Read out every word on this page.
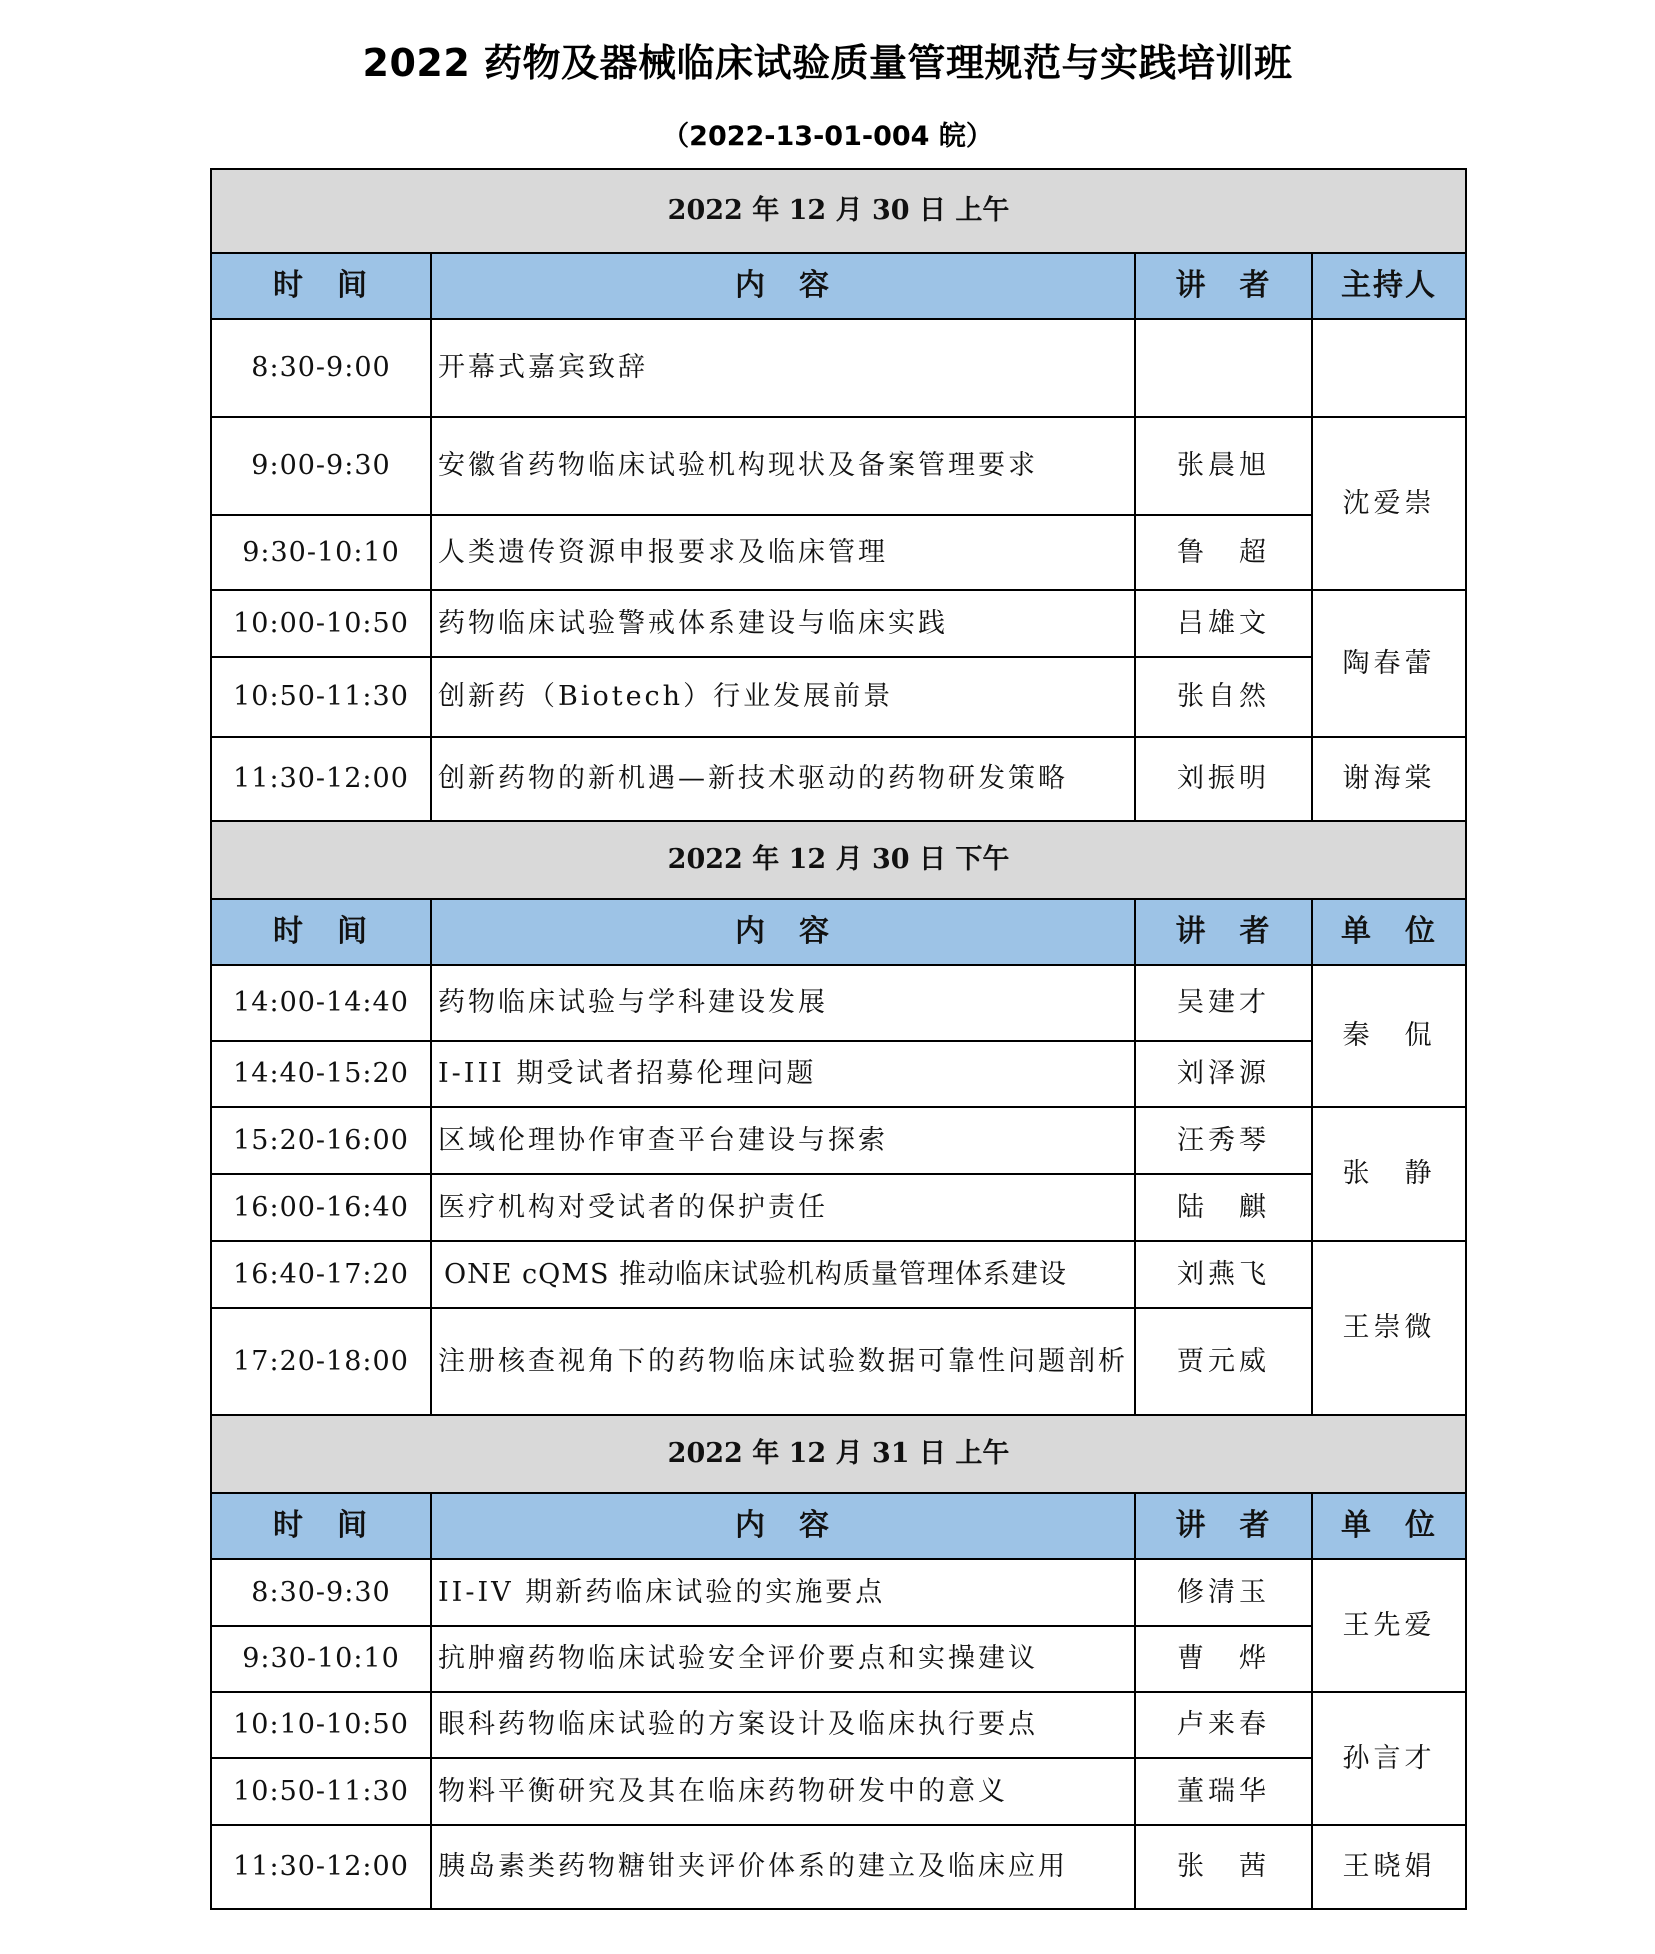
2022 药物及器械临床试验质量管理规范与实践培训班
（2022-13-01-004 皖）
2022 年 12 月 30 日 上午			
时　间	内　容	讲　者	主持人
8:30-9:00	开幕式嘉宾致辞		
9:00-9:30	安徽省药物临床试验机构现状及备案管理要求	张晨旭	沈爱崇
9:30-10:10	人类遗传资源申报要求及临床管理	鲁　超	
10:00-10:50	药物临床试验警戒体系建设与临床实践	吕雄文	陶春蕾
10:50-11:30	创新药（Biotech）行业发展前景	张自然	
11:30-12:00	创新药物的新机遇—新技术驱动的药物研发策略	刘振明	谢海棠
2022 年 12 月 30 日 下午			
时　间	内　容	讲　者	单　位
14:00-14:40	药物临床试验与学科建设发展	吴建才	秦　侃
14:40-15:20	I-III 期受试者招募伦理问题	刘泽源	
15:20-16:00	区域伦理协作审查平台建设与探索	汪秀琴	张　静
16:00-16:40	医疗机构对受试者的保护责任	陆　麒	
16:40-17:20	ONE cQMS 推动临床试验机构质量管理体系建设	刘燕飞	王崇微
17:20-18:00	注册核查视角下的药物临床试验数据可靠性问题剖析	贾元威	
2022 年 12 月 31 日 上午			
时　间	内　容	讲　者	单　位
8:30-9:30	II-IV 期新药临床试验的实施要点	修清玉	王先爱
9:30-10:10	抗肿瘤药物临床试验安全评价要点和实操建议	曹　烨	
10:10-10:50	眼科药物临床试验的方案设计及临床执行要点	卢来春	孙言才
10:50-11:30	物料平衡研究及其在临床药物研发中的意义	董瑞华	
11:30-12:00	胰岛素类药物糖钳夹评价体系的建立及临床应用	张　茜	王晓娟
